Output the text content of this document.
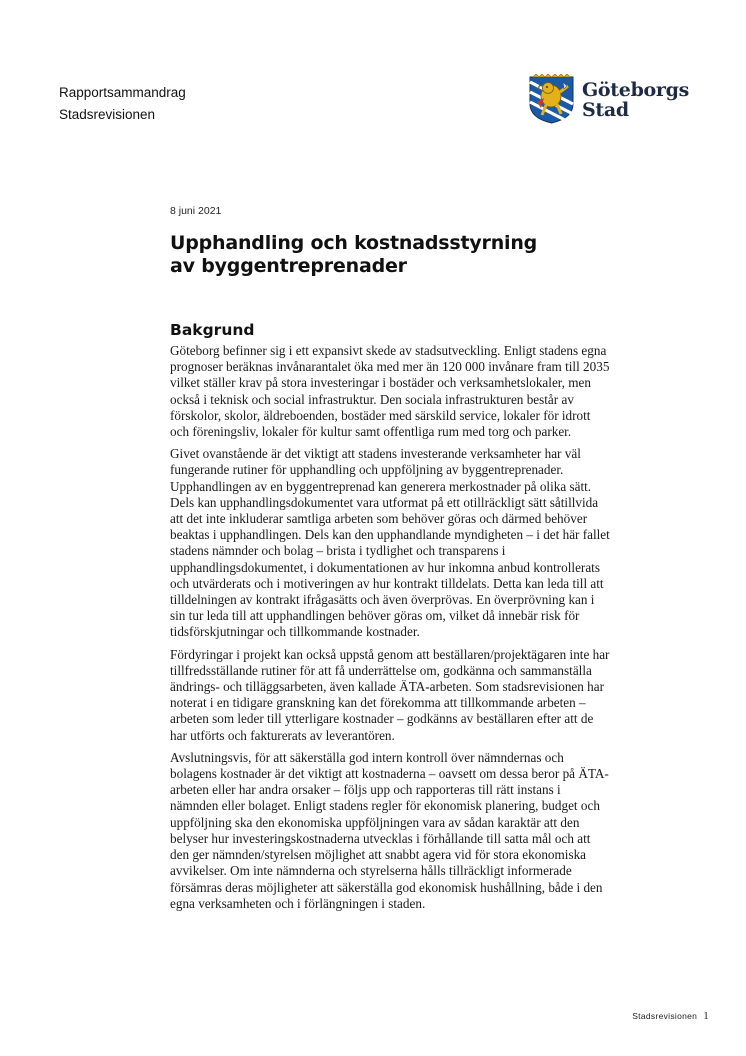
Rapportsammandrag
Stadsrevisionen
Göteborgs
Stad
8 juni 2021
Upphandling och kostnadsstyrning
av byggentreprenader
Bakgrund

Göteborg befinner sig i ett expansivt skede av stadsutveckling. Enligt stadens egna prognoser beräknas invånarantalet öka med mer än 120 000 invånare fram till 2035 vilket ställer krav på stora investeringar i bostäder och verksamhetslokaler, men också i teknisk och social infrastruktur. Den sociala infrastrukturen består av förskolor, skolor, äldreboenden, bostäder med särskild service, lokaler för idrott och föreningsliv, lokaler för kultur samt offentliga rum med torg och parker.

Givet ovanstående är det viktigt att stadens investerande verksamheter har väl fungerande rutiner för upphandling och uppföljning av byggentreprenader. Upphandlingen av en byggentreprenad kan generera merkostnader på olika sätt. Dels kan upphandlingsdokumentet vara utformat på ett otillräckligt sätt såtillvida att det inte inkluderar samtliga arbeten som behöver göras och därmed behöver beaktas i upphandlingen. Dels kan den upphandlande myndigheten – i det här fallet stadens nämnder och bolag – brista i tydlighet och transparens i upphandlingsdokumentet, i dokumentationen av hur inkomna anbud kontrollerats och utvärderats och i motiveringen av hur kontrakt tilldelats. Detta kan leda till att tilldelningen av kontrakt ifrågasätts och även överprövas. En överprövning kan i sin tur leda till att upphandlingen behöver göras om, vilket då innebär risk för tidsförskjutningar och tillkommande kostnader.

Fördyringar i projekt kan också uppstå genom att beställaren/projektägaren inte har tillfredsställande rutiner för att få underrättelse om, godkänna och sammanställa ändrings- och tilläggsarbeten, även kallade ÄTA-arbeten. Som stadsrevisionen har noterat i en tidigare granskning kan det förekomma att tillkommande arbeten – arbeten som leder till ytterligare kostnader – godkänns av beställaren efter att de har utförts och fakturerats av leverantören.

Avslutningsvis, för att säkerställa god intern kontroll över nämndernas och bolagens kostnader är det viktigt att kostnaderna – oavsett om dessa beror på ÄTA-arbeten eller har andra orsaker – följs upp och rapporteras till rätt instans i nämnden eller bolaget. Enligt stadens regler för ekonomisk planering, budget och uppföljning ska den ekonomiska uppföljningen vara av sådan karaktär att den belyser hur investeringskostnaderna utvecklas i förhållande till satta mål och att den ger nämnden/styrelsen möjlighet att snabbt agera vid för stora ekonomiska avvikelser. Om inte nämnderna och styrelserna hålls tillräckligt informerade försämras deras möjligheter att säkerställa god ekonomisk hushållning, både i den egna verksamheten och i förlängningen i staden.

Stadsrevisionen 1
